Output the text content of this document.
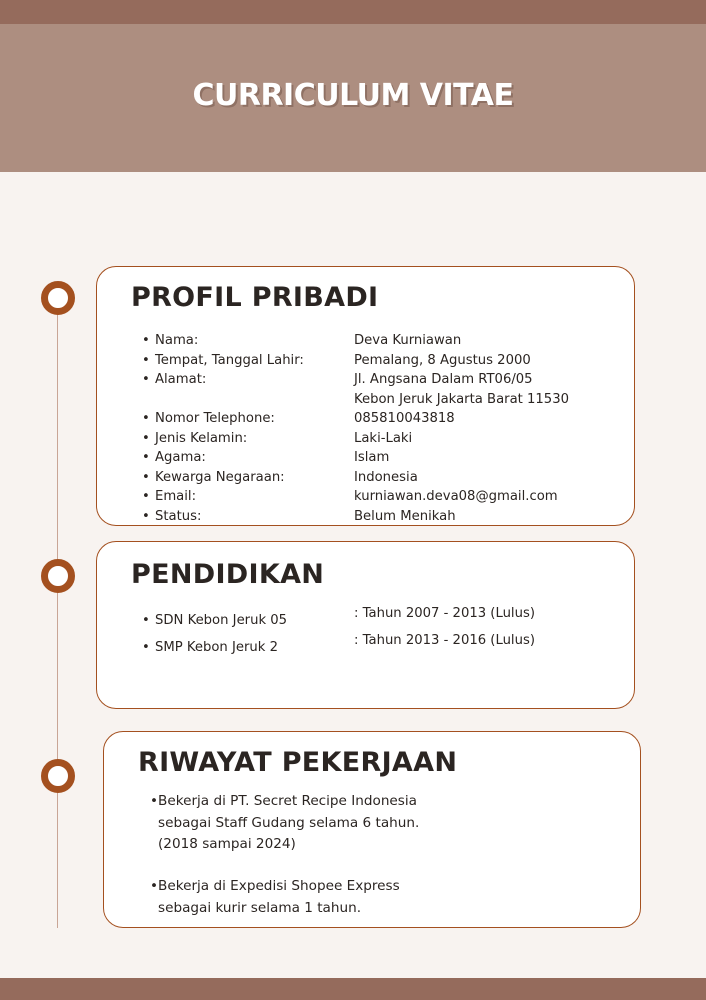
CURRICULUM VITAE
PROFIL PRIBADI
• Nama:	Deva Kurniawan
• Tempat, Tanggal Lahir:	Pemalang, 8 Agustus 2000
• Alamat:	Jl. Angsana Dalam RT06/05
Kebon Jeruk Jakarta Barat 11530
• Nomor Telephone:	085810043818
• Jenis Kelamin:	Laki-Laki
• Agama:	Islam
• Kewarga Negaraan:	Indonesia
• Email:	kurniawan.deva08@gmail.com
• Status:	Belum Menikah
PENDIDIKAN
• SDN Kebon Jeruk 05	: Tahun 2007 - 2013 (Lulus)
• SMP Kebon Jeruk 2	: Tahun 2013 - 2016 (Lulus)
RIWAYAT PEKERJAAN
• Bekerja di PT. Secret Recipe Indonesia
sebagai Staff Gudang selama 6 tahun.
(2018 sampai 2024)
• Bekerja di Expedisi Shopee Express
sebagai kurir selama 1 tahun.
